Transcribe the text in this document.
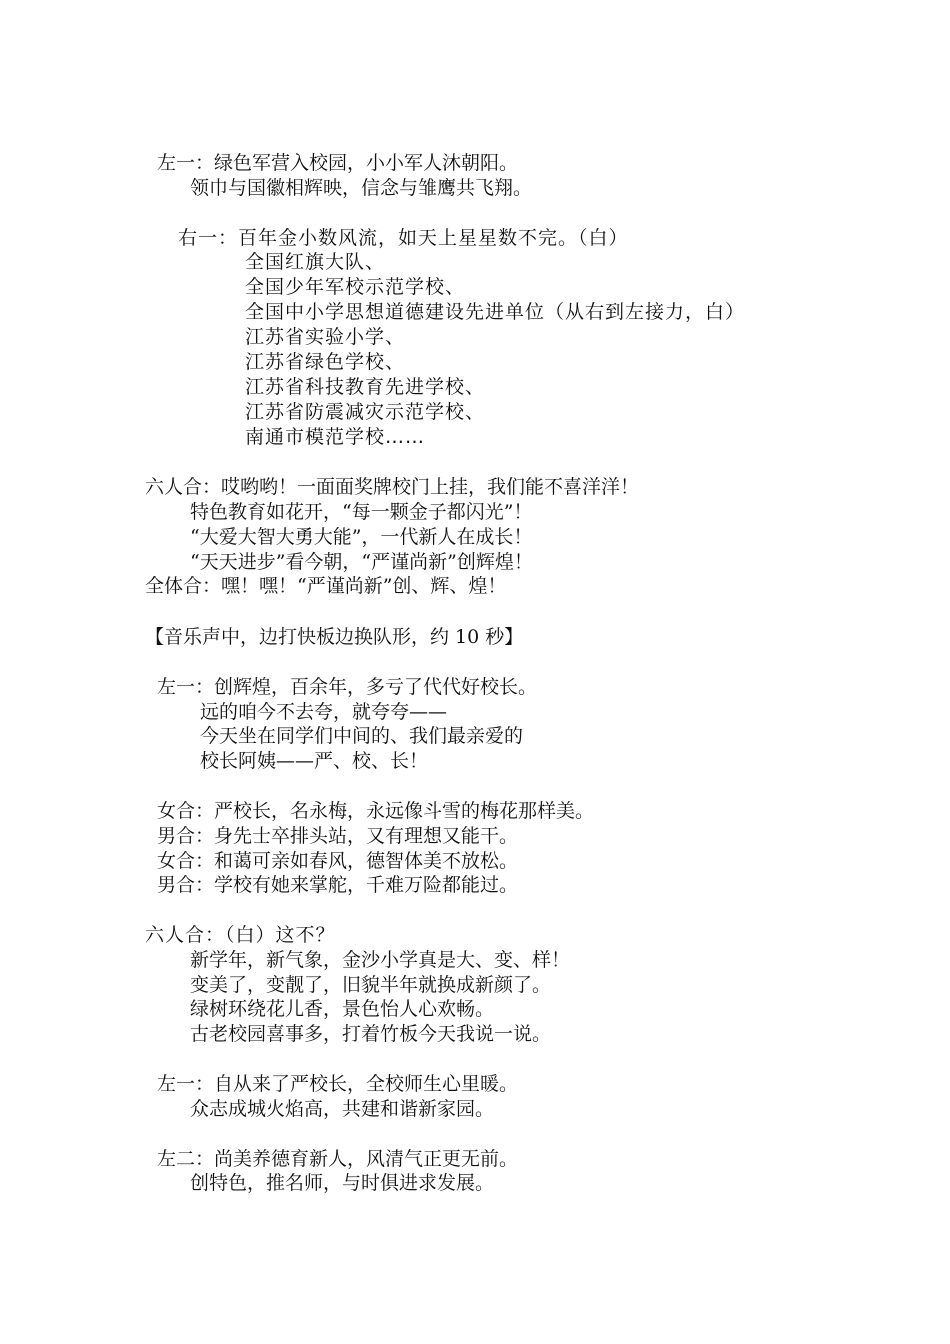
左一：绿色军营入校园，小小军人沐朝阳。
领巾与国徽相辉映，信念与雏鹰共飞翔。
右一：百年金小数风流，如天上星星数不完。（白）
全国红旗大队、
全国少年军校示范学校、
全国中小学思想道德建设先进单位（从右到左接力，白）
江苏省实验小学、
江苏省绿色学校、
江苏省科技教育先进学校、
江苏省防震减灾示范学校、
南通市模范学校……
六人合：哎哟哟！一面面奖牌校门上挂，我们能不喜洋洋！
特色教育如花开，“每一颗金子都闪光”！
“大爱大智大勇大能”，一代新人在成长！
“天天进步”看今朝，“严谨尚新”创辉煌！
全体合：嘿！嘿！“严谨尚新”创、辉、煌！
【音乐声中，边打快板边换队形，约 10 秒】
左一：创辉煌，百余年，多亏了代代好校长。
远的咱今不去夸，就夸夸——
今天坐在同学们中间的、我们最亲爱的
校长阿姨——严、校、长！
女合：严校长，名永梅，永远像斗雪的梅花那样美。
男合：身先士卒排头站，又有理想又能干。
女合：和蔼可亲如春风，德智体美不放松。
男合：学校有她来掌舵，千难万险都能过。
六人合：（白）这不？
新学年，新气象，金沙小学真是大、变、样！
变美了，变靓了，旧貌半年就换成新颜了。
绿树环绕花儿香，景色怡人心欢畅。
古老校园喜事多，打着竹板今天我说一说。
左一：自从来了严校长，全校师生心里暖。
众志成城火焰高，共建和谐新家园。
左二：尚美养德育新人，风清气正更无前。
创特色，推名师，与时俱进求发展。
